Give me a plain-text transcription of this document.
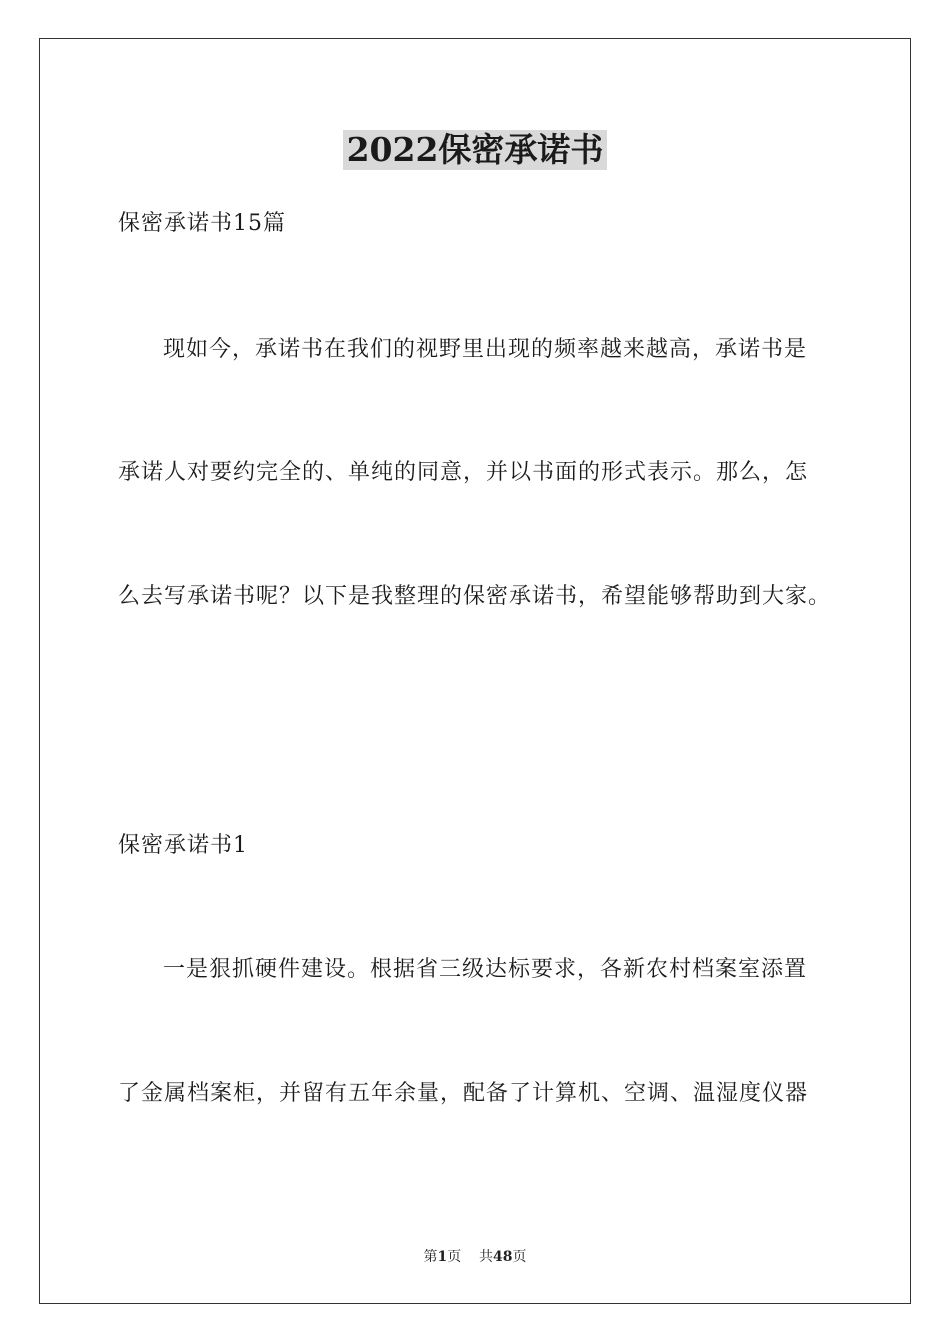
2022保密承诺书
保密承诺书15篇
现如今，承诺书在我们的视野里出现的频率越来越高，承诺书是
承诺人对要约完全的、单纯的同意，并以书面的形式表示。那么，怎
么去写承诺书呢？以下是我整理的保密承诺书，希望能够帮助到大家。
保密承诺书1
一是狠抓硬件建设。根据省三级达标要求，各新农村档案室添置
了金属档案柜，并留有五年余量，配备了计算机、空调、温湿度仪器
第1页 共48页
